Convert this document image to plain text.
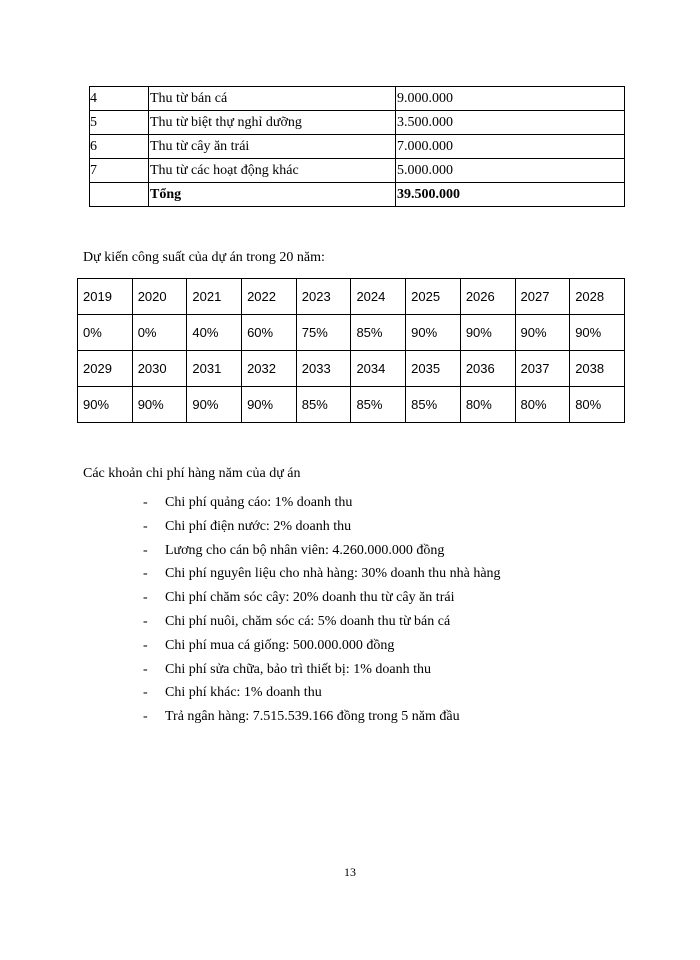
4	Thu từ bán cá	9.000.000
5	Thu từ biệt thự nghỉ dưỡng	3.500.000
6	Thu từ cây ăn trái	7.000.000
7	Thu từ các hoạt động khác	5.000.000
	Tổng	39.500.000
Dự kiến công suất của dự án trong 20 năm:
2019	2020	2021	2022	2023	2024	2025	2026	2027	2028
0%	0%	40%	60%	75%	85%	90%	90%	90%	90%
2029	2030	2031	2032	2033	2034	2035	2036	2037	2038
90%	90%	90%	90%	85%	85%	85%	80%	80%	80%
Các khoản chi phí hàng năm của dự án
- Chi phí quảng cáo: 1% doanh thu
- Chi phí điện nước: 2% doanh thu
- Lương cho cán bộ nhân viên: 4.260.000.000 đồng
- Chi phí nguyên liệu cho nhà hàng: 30% doanh thu nhà hàng
- Chi phí chăm sóc cây: 20% doanh thu từ cây ăn trái
- Chi phí nuôi, chăm sóc cá: 5% doanh thu từ bán cá
- Chi phí mua cá giống: 500.000.000 đồng
- Chi phí sửa chữa, bảo trì thiết bị: 1% doanh thu
- Chi phí khác: 1% doanh thu
- Trả ngân hàng: 7.515.539.166 đồng trong 5 năm đầu
13
